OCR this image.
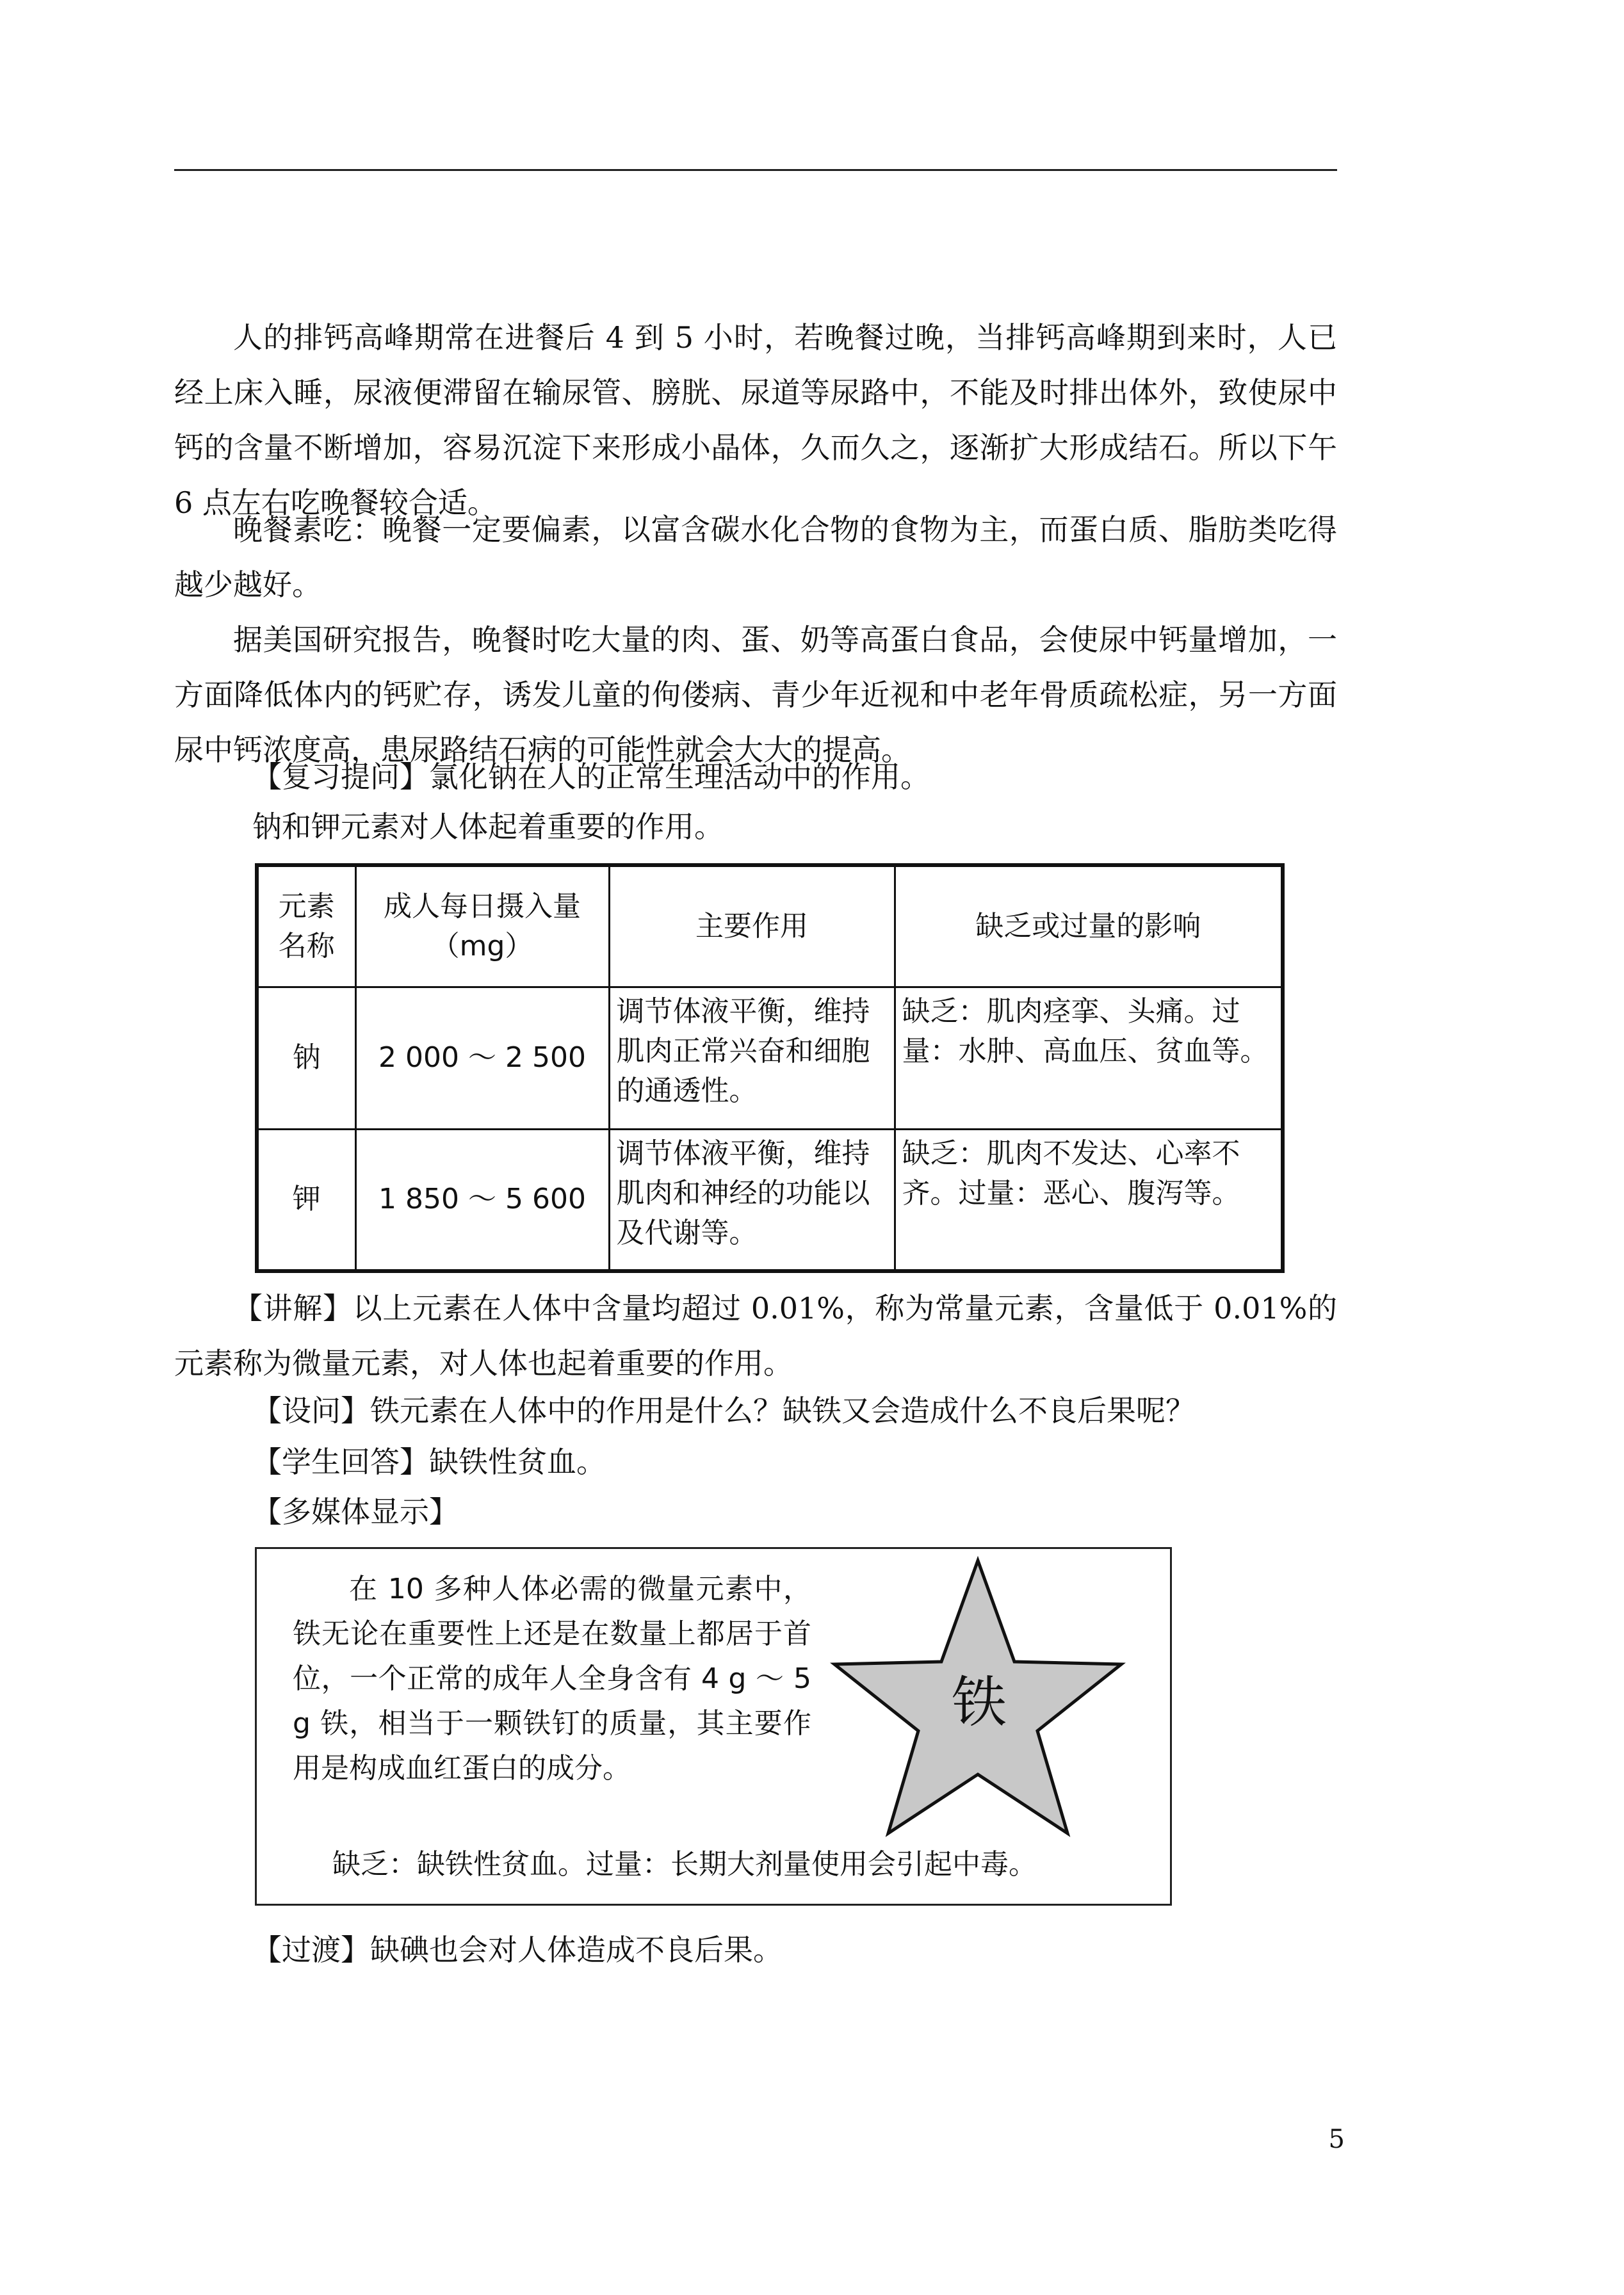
人的排钙高峰期常在进餐后 4 到 5 小时，若晚餐过晚，当排钙高峰期到来时，人已经上床入睡，尿液便滞留在输尿管、膀胱、尿道等尿路中，不能及时排出体外，致使尿中钙的含量不断增加，容易沉淀下来形成小晶体，久而久之，逐渐扩大形成结石。所以下午 6 点左右吃晚餐较合适。

晚餐素吃：晚餐一定要偏素，以富含碳水化合物的食物为主，而蛋白质、脂肪类吃得越少越好。

据美国研究报告，晚餐时吃大量的肉、蛋、奶等高蛋白食品，会使尿中钙量增加，一方面降低体内的钙贮存，诱发儿童的佝偻病、青少年近视和中老年骨质疏松症，另一方面尿中钙浓度高，患尿路结石病的可能性就会大大的提高。

【复习提问】氯化钠在人的正常生理活动中的作用。

钠和钾元素对人体起着重要的作用。

元素名称	成人每日摄入量（mg）	主要作用	缺乏或过量的影响
钠	2 000 ～ 2 500	调节体液平衡，维持肌肉正常兴奋和细胞的通透性。	缺乏：肌肉痉挛、头痛。过量：水肿、高血压、贫血等。
钾	1 850 ～ 5 600	调节体液平衡，维持肌肉和神经的功能以及代谢等。	缺乏：肌肉不发达、心率不齐。过量：恶心、腹泻等。

【讲解】以上元素在人体中含量均超过 0.01%，称为常量元素，含量低于 0.01%的元素称为微量元素，对人体也起着重要的作用。

【设问】铁元素在人体中的作用是什么？缺铁又会造成什么不良后果呢？

【学生回答】缺铁性贫血。

【多媒体显示】

在 10 多种人体必需的微量元素中，铁无论在重要性上还是在数量上都居于首位，一个正常的成年人全身含有 4 g ～ 5 g 铁，相当于一颗铁钉的质量，其主要作用是构成血红蛋白的成分。

铁

缺乏：缺铁性贫血。过量：长期大剂量使用会引起中毒。

【过渡】缺碘也会对人体造成不良后果。

5
